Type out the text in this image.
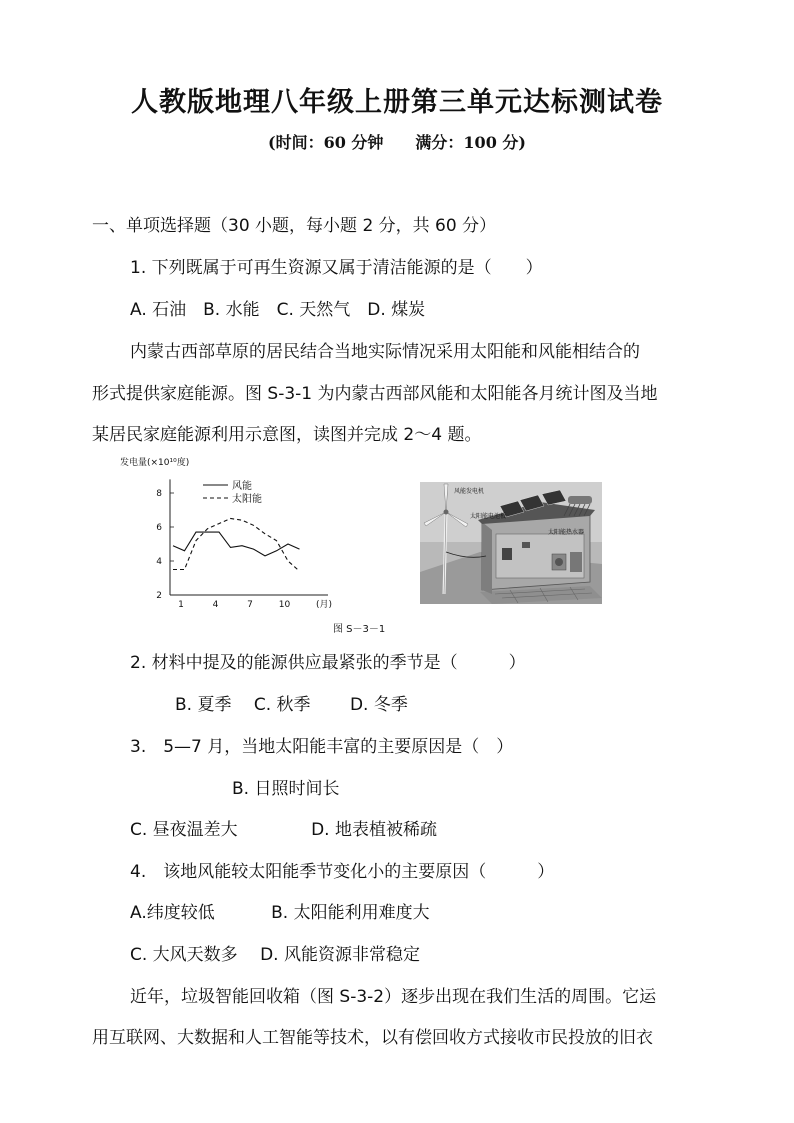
人教版地理八年级上册第三单元达标测试卷
(时间：60 分钟　　满分：100 分)
一、单项选择题（30 小题，每小题 2 分，共 60 分）
1. 下列既属于可再生资源又属于清洁能源的是（　　）
A. 石油　B. 水能　C. 天然气　D. 煤炭
内蒙古西部草原的居民结合当地实际情况采用太阳能和风能相结合的
形式提供家庭能源。图 S-3-1 为内蒙古西部风能和太阳能各月统计图及当地
某居民家庭能源利用示意图，读图并完成 2～4 题。
发电量(×10¹⁰度)
2
4
6
8
1	4	7	10	(月)
风能
太阳能
风能发电机
太阳能电池板
太阳能热水器
图 S－3－1
2. 材料中提及的能源供应最紧张的季节是（　　　）
B. 夏季　 C. 秋季　　 D. 冬季
3.　5—7 月，当地太阳能丰富的主要原因是（　）
B. 日照时间长
C. 昼夜温差大　　　　 D. 地表植被稀疏
4.　该地风能较太阳能季节变化小的主要原因（　　　）
A.纬度较低　　　 B. 太阳能利用难度大
C. 大风天数多　 D. 风能资源非常稳定
近年，垃圾智能回收箱（图 S-3-2）逐步出现在我们生活的周围。它运
用互联网、大数据和人工智能等技术，以有偿回收方式接收市民投放的旧衣
